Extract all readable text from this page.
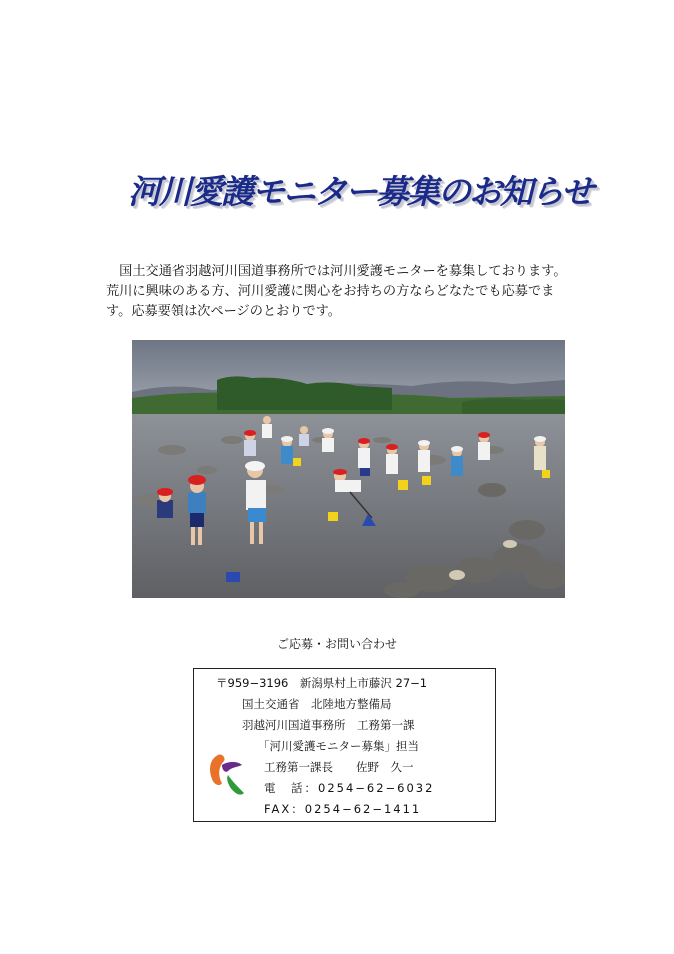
河川愛護モニター募集のお知らせ
　国土交通省羽越河川国道事務所では河川愛護モニターを募集しております。
荒川に興味のある方、河川愛護に関心をお持ちの方ならどなたでも応募でま
す。応募要領は次ページのとおりです。

ご応募・お問い合わせ

〒959−3196　新潟県村上市藤沢 27−1
国土交通省　北陸地方整備局
羽越河川国道事務所　工務第一課
「河川愛護モニター募集」担当
工務第一課長　　佐野　久一
電　話：0254−62−6032
FAX：0254−62−1411
